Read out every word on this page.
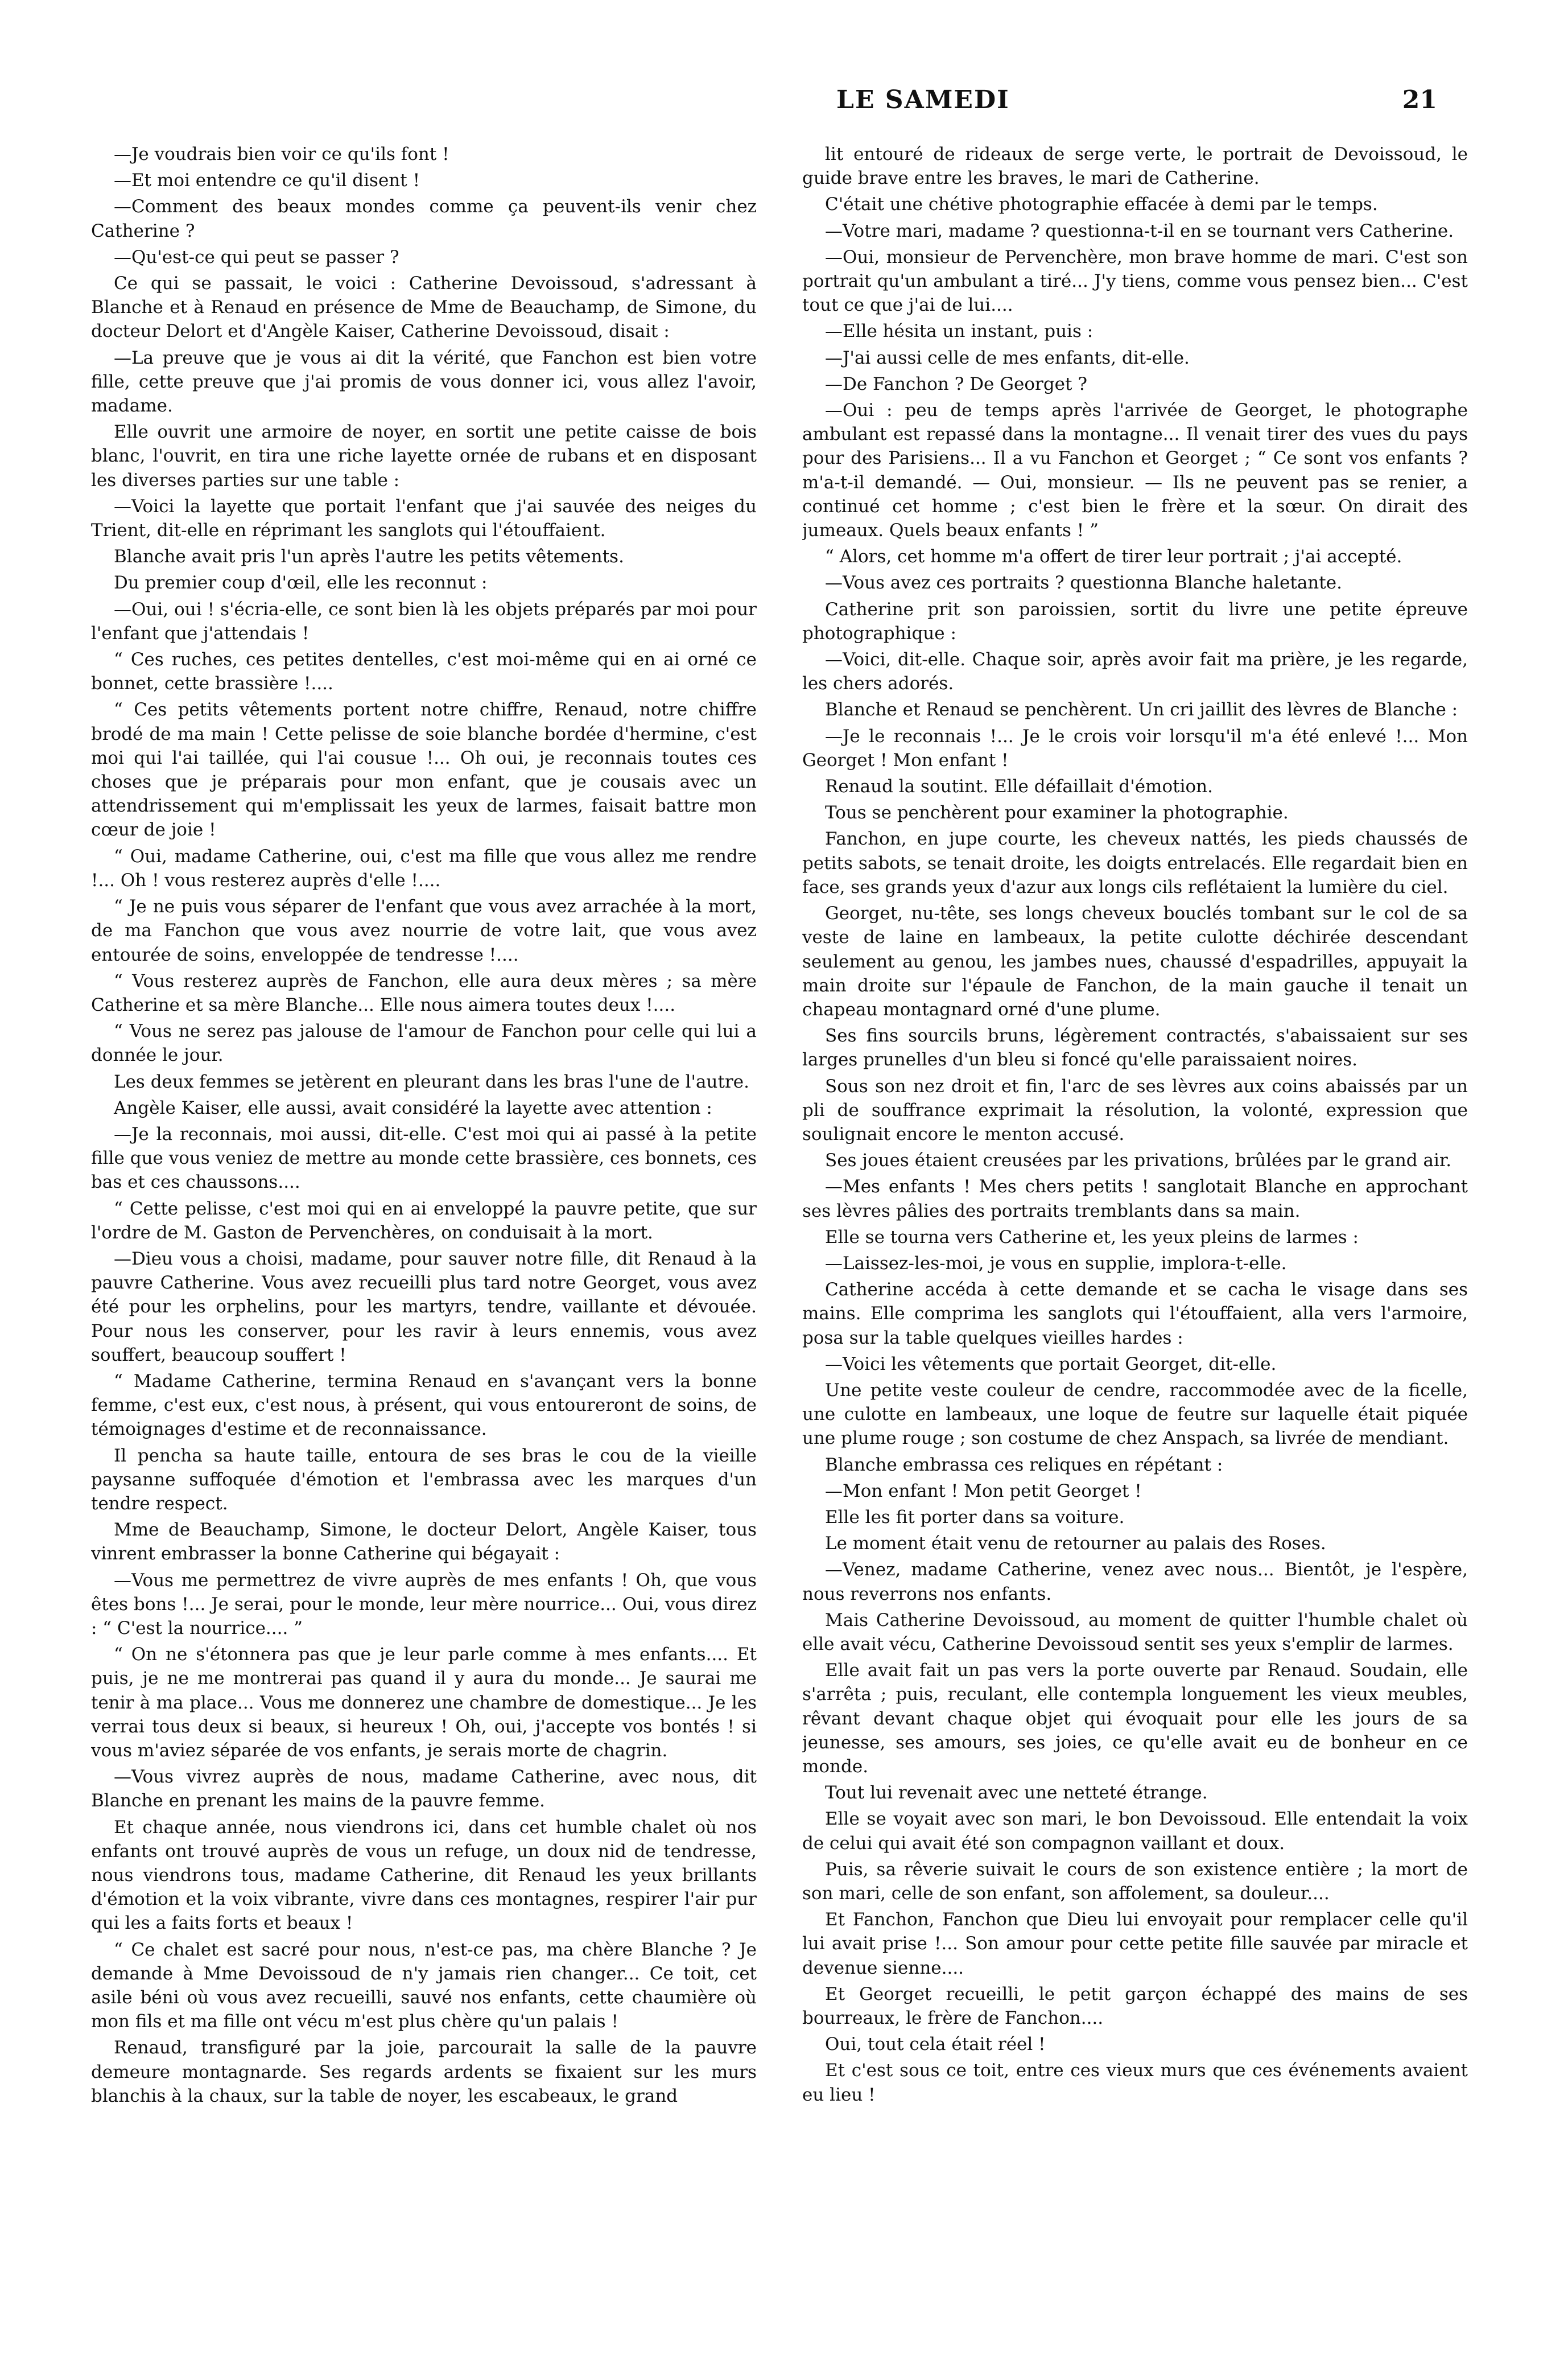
LE SAMEDI	21

—Je voudrais bien voir ce qu'ils font !

—Et moi entendre ce qu'il disent !

—Comment des beaux mondes comme ça peuvent-ils venir chez Catherine ?

—Qu'est-ce qui peut se passer ?

Ce qui se passait, le voici : Catherine Devoissoud, s'adressant à Blanche et à Renaud en présence de Mme de Beauchamp, de Simone, du docteur Delort et d'Angèle Kaiser, Catherine Devoissoud, disait :

—La preuve que je vous ai dit la vérité, que Fanchon est bien votre fille, cette preuve que j'ai promis de vous donner ici, vous allez l'avoir, madame.

Elle ouvrit une armoire de noyer, en sortit une petite caisse de bois blanc, l'ouvrit, en tira une riche layette ornée de rubans et en disposant les diverses parties sur une table :

—Voici la layette que portait l'enfant que j'ai sauvée des neiges du Trient, dit-elle en réprimant les sanglots qui l'étouffaient.

Blanche avait pris l'un après l'autre les petits vêtements.

Du premier coup d'œil, elle les reconnut :

—Oui, oui ! s'écria-elle, ce sont bien là les objets préparés par moi pour l'enfant que j'attendais !

“ Ces ruches, ces petites dentelles, c'est moi-même qui en ai orné ce bonnet, cette brassière !....

“ Ces petits vêtements portent notre chiffre, Renaud, notre chiffre brodé de ma main ! Cette pelisse de soie blanche bordée d'hermine, c'est moi qui l'ai taillée, qui l'ai cousue !... Oh oui, je reconnais toutes ces choses que je préparais pour mon enfant, que je cousais avec un attendrissement qui m'emplissait les yeux de larmes, faisait battre mon cœur de joie !

“ Oui, madame Catherine, oui, c'est ma fille que vous allez me rendre !... Oh ! vous resterez auprès d'elle !....

“ Je ne puis vous séparer de l'enfant que vous avez arrachée à la mort, de ma Fanchon que vous avez nourrie de votre lait, que vous avez entourée de soins, enveloppée de tendresse !....

“ Vous resterez auprès de Fanchon, elle aura deux mères ; sa mère Catherine et sa mère Blanche... Elle nous aimera toutes deux !....

“ Vous ne serez pas jalouse de l'amour de Fanchon pour celle qui lui a donnée le jour.

Les deux femmes se jetèrent en pleurant dans les bras l'une de l'autre.

Angèle Kaiser, elle aussi, avait considéré la layette avec attention :

—Je la reconnais, moi aussi, dit-elle. C'est moi qui ai passé à la petite fille que vous veniez de mettre au monde cette brassière, ces bonnets, ces bas et ces chaussons....

“ Cette pelisse, c'est moi qui en ai enveloppé la pauvre petite, que sur l'ordre de M. Gaston de Pervenchères, on conduisait à la mort.

—Dieu vous a choisi, madame, pour sauver notre fille, dit Renaud à la pauvre Catherine. Vous avez recueilli plus tard notre Georget, vous avez été pour les orphelins, pour les martyrs, tendre, vaillante et dévouée. Pour nous les conserver, pour les ravir à leurs ennemis, vous avez souffert, beaucoup souffert !

“ Madame Catherine, termina Renaud en s'avançant vers la bonne femme, c'est eux, c'est nous, à présent, qui vous entoureront de soins, de témoignages d'estime et de reconnaissance.

Il pencha sa haute taille, entoura de ses bras le cou de la vieille paysanne suffoquée d'émotion et l'embrassa avec les marques d'un tendre respect.

Mme de Beauchamp, Simone, le docteur Delort, Angèle Kaiser, tous vinrent embrasser la bonne Catherine qui bégayait :

—Vous me permettrez de vivre auprès de mes enfants ! Oh, que vous êtes bons !... Je serai, pour le monde, leur mère nourrice... Oui, vous direz : “ C'est la nourrice.... ”

“ On ne s'étonnera pas que je leur parle comme à mes enfants.... Et puis, je ne me montrerai pas quand il y aura du monde... Je saurai me tenir à ma place... Vous me donnerez une chambre de domestique... Je les verrai tous deux si beaux, si heureux ! Oh, oui, j'accepte vos bontés ! si vous m'aviez séparée de vos enfants, je serais morte de chagrin.

—Vous vivrez auprès de nous, madame Catherine, avec nous, dit Blanche en prenant les mains de la pauvre femme.

Et chaque année, nous viendrons ici, dans cet humble chalet où nos enfants ont trouvé auprès de vous un refuge, un doux nid de tendresse, nous viendrons tous, madame Catherine, dit Renaud les yeux brillants d'émotion et la voix vibrante, vivre dans ces montagnes, respirer l'air pur qui les a faits forts et beaux !

“ Ce chalet est sacré pour nous, n'est-ce pas, ma chère Blanche ? Je demande à Mme Devoissoud de n'y jamais rien changer... Ce toit, cet asile béni où vous avez recueilli, sauvé nos enfants, cette chaumière où mon fils et ma fille ont vécu m'est plus chère qu'un palais !

Renaud, transfiguré par la joie, parcourait la salle de la pauvre demeure montagnarde. Ses regards ardents se fixaient sur les murs blanchis à la chaux, sur la table de noyer, les escabeaux, le grand

lit entouré de rideaux de serge verte, le portrait de Devoissoud, le guide brave entre les braves, le mari de Catherine.

C'était une chétive photographie effacée à demi par le temps.

—Votre mari, madame ? questionna-t-il en se tournant vers Catherine.

—Oui, monsieur de Pervenchère, mon brave homme de mari. C'est son portrait qu'un ambulant a tiré... J'y tiens, comme vous pensez bien... C'est tout ce que j'ai de lui....

—Elle hésita un instant, puis :

—J'ai aussi celle de mes enfants, dit-elle.

—De Fanchon ? De Georget ?

—Oui : peu de temps après l'arrivée de Georget, le photographe ambulant est repassé dans la montagne... Il venait tirer des vues du pays pour des Parisiens... Il a vu Fanchon et Georget ; “ Ce sont vos enfants ? m'a-t-il demandé. — Oui, monsieur. — Ils ne peuvent pas se renier, a continué cet homme ; c'est bien le frère et la sœur. On dirait des jumeaux. Quels beaux enfants ! ”

“ Alors, cet homme m'a offert de tirer leur portrait ; j'ai accepté.

—Vous avez ces portraits ? questionna Blanche haletante.

Catherine prit son paroissien, sortit du livre une petite épreuve photographique :

—Voici, dit-elle. Chaque soir, après avoir fait ma prière, je les regarde, les chers adorés.

Blanche et Renaud se penchèrent. Un cri jaillit des lèvres de Blanche :

—Je le reconnais !... Je le crois voir lorsqu'il m'a été enlevé !... Mon Georget ! Mon enfant !

Renaud la soutint. Elle défaillait d'émotion.

Tous se penchèrent pour examiner la photographie.

Fanchon, en jupe courte, les cheveux nattés, les pieds chaussés de petits sabots, se tenait droite, les doigts entrelacés. Elle regardait bien en face, ses grands yeux d'azur aux longs cils reflétaient la lumière du ciel.

Georget, nu-tête, ses longs cheveux bouclés tombant sur le col de sa veste de laine en lambeaux, la petite culotte déchirée descendant seulement au genou, les jambes nues, chaussé d'espadrilles, appuyait la main droite sur l'épaule de Fanchon, de la main gauche il tenait un chapeau montagnard orné d'une plume.

Ses fins sourcils bruns, légèrement contractés, s'abaissaient sur ses larges prunelles d'un bleu si foncé qu'elle paraissaient noires.

Sous son nez droit et fin, l'arc de ses lèvres aux coins abaissés par un pli de souffrance exprimait la résolution, la volonté, expression que soulignait encore le menton accusé.

Ses joues étaient creusées par les privations, brûlées par le grand air.

—Mes enfants ! Mes chers petits ! sanglotait Blanche en approchant ses lèvres pâlies des portraits tremblants dans sa main.

Elle se tourna vers Catherine et, les yeux pleins de larmes :

—Laissez-les-moi, je vous en supplie, implora-t-elle.

Catherine accéda à cette demande et se cacha le visage dans ses mains. Elle comprima les sanglots qui l'étouffaient, alla vers l'armoire, posa sur la table quelques vieilles hardes :

—Voici les vêtements que portait Georget, dit-elle.

Une petite veste couleur de cendre, raccommodée avec de la ficelle, une culotte en lambeaux, une loque de feutre sur laquelle était piquée une plume rouge ; son costume de chez Anspach, sa livrée de mendiant.

Blanche embrassa ces reliques en répétant :

—Mon enfant ! Mon petit Georget !

Elle les fit porter dans sa voiture.

Le moment était venu de retourner au palais des Roses.

—Venez, madame Catherine, venez avec nous... Bientôt, je l'espère, nous reverrons nos enfants.

Mais Catherine Devoissoud, au moment de quitter l'humble chalet où elle avait vécu, Catherine Devoissoud sentit ses yeux s'emplir de larmes.

Elle avait fait un pas vers la porte ouverte par Renaud. Soudain, elle s'arrêta ; puis, reculant, elle contempla longuement les vieux meubles, rêvant devant chaque objet qui évoquait pour elle les jours de sa jeunesse, ses amours, ses joies, ce qu'elle avait eu de bonheur en ce monde.

Tout lui revenait avec une netteté étrange.

Elle se voyait avec son mari, le bon Devoissoud. Elle entendait la voix de celui qui avait été son compagnon vaillant et doux.

Puis, sa rêverie suivait le cours de son existence entière ; la mort de son mari, celle de son enfant, son affolement, sa douleur....

Et Fanchon, Fanchon que Dieu lui envoyait pour remplacer celle qu'il lui avait prise !... Son amour pour cette petite fille sauvée par miracle et devenue sienne....

Et Georget recueilli, le petit garçon échappé des mains de ses bourreaux, le frère de Fanchon....

Oui, tout cela était réel !

Et c'est sous ce toit, entre ces vieux murs que ces événements avaient eu lieu !
